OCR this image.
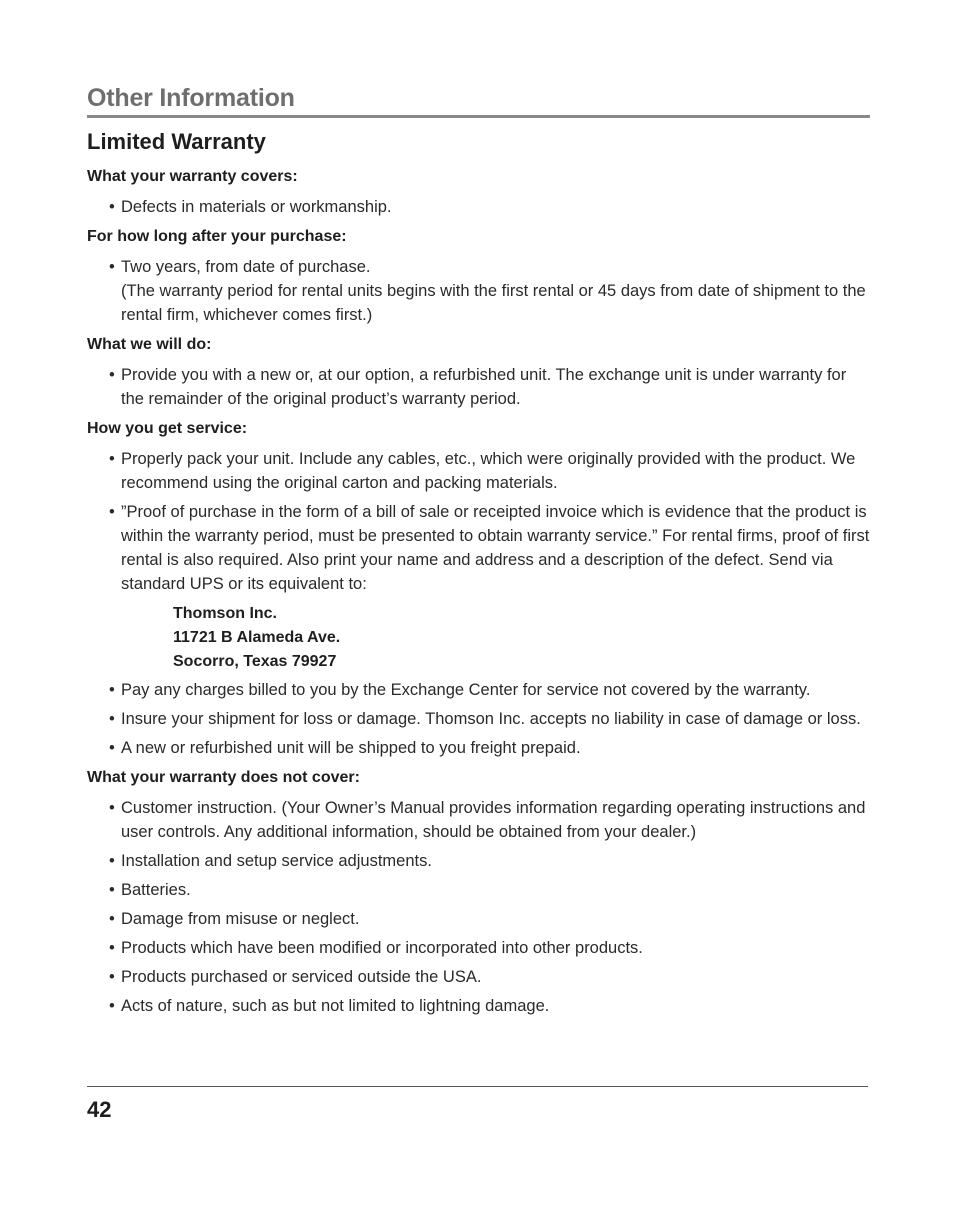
Other Information
Limited Warranty

What your warranty covers:

• Defects in materials or workmanship.

For how long after your purchase:

• Two years, from date of purchase.
(The warranty period for rental units begins with the first rental or 45 days from date of shipment to the rental firm, whichever comes first.)

What we will do:

• Provide you with a new or, at our option, a refurbished unit. The exchange unit is under warranty for the remainder of the original product’s warranty period.

How you get service:

• Properly pack your unit. Include any cables, etc., which were originally provided with the product. We recommend using the original carton and packing materials.
• ”Proof of purchase in the form of a bill of sale or receipted invoice which is evidence that the product is within the warranty period, must be presented to obtain warranty service.” For rental firms, proof of first rental is also required. Also print your name and address and a description of the defect. Send via standard UPS or its equivalent to:
Thomson Inc.
11721 B Alameda Ave.
Socorro, Texas 79927
• Pay any charges billed to you by the Exchange Center for service not covered by the warranty.
• Insure your shipment for loss or damage. Thomson Inc. accepts no liability in case of damage or loss.
• A new or refurbished unit will be shipped to you freight prepaid.

What your warranty does not cover:

• Customer instruction. (Your Owner’s Manual provides information regarding operating instructions and user controls. Any additional information, should be obtained from your dealer.)
• Installation and setup service adjustments.
• Batteries.
• Damage from misuse or neglect.
• Products which have been modified or incorporated into other products.
• Products purchased or serviced outside the USA.
• Acts of nature, such as but not limited to lightning damage.
42
